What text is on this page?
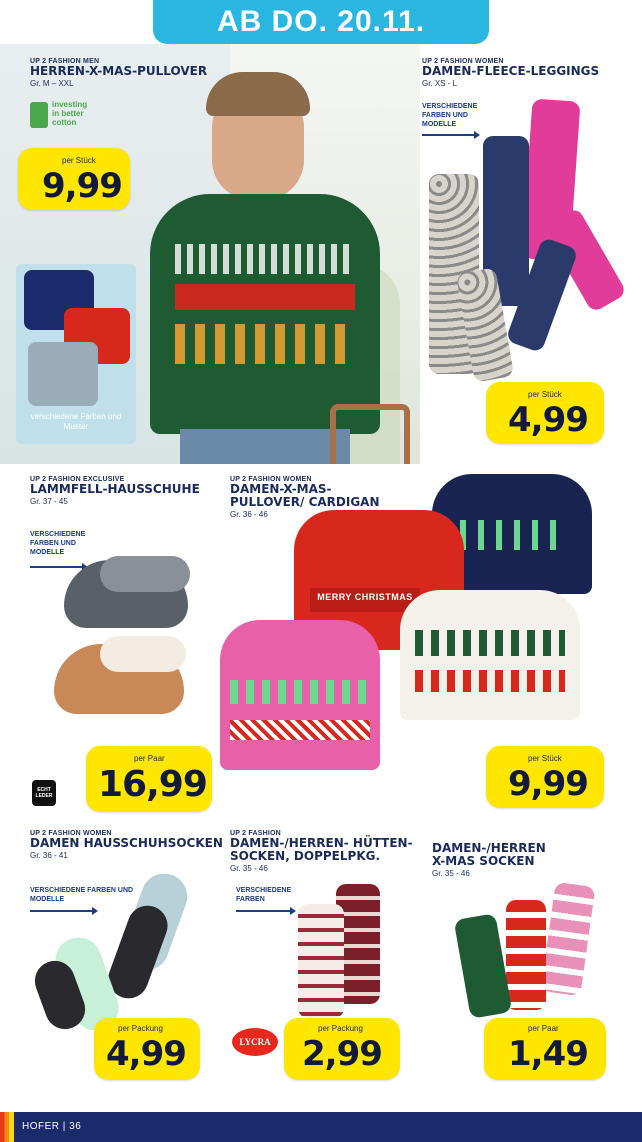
AB DO. 20.11.
UP 2 FASHION MEN
HERREN-X-MAS-PULLOVER
Gr. M – XXL
investing in better cotton
per Stück
9,99
verschiedene Farben und Muster
UP 2 FASHION WOMEN
DAMEN-FLEECE-LEGGINGS
Gr. XS - L
VERSCHIEDENE FARBEN UND MODELLE
per Stück
4,99
UP 2 FASHION EXCLUSIVE
LAMMFELL-HAUSSCHUHE
Gr. 37 - 45
VERSCHIEDENE FARBEN UND MODELLE
ECHT LEDER
per Paar
16,99
UP 2 FASHION WOMEN
DAMEN-X-MAS-PULLOVER/ CARDIGAN
Gr. 36 - 46
MERRY CHRISTMAS
per Stück
9,99
UP 2 FASHION WOMEN
DAMEN HAUSSCHUHSOCKEN
Gr. 36 - 41
VERSCHIEDENE FARBEN UND MODELLE
per Packung
4,99
UP 2 FASHION
DAMEN-/HERREN- HÜTTEN-SOCKEN, DOPPELPKG.
Gr. 35 - 46
VERSCHIEDENE FARBEN
LYCRA
per Packung
2,99
DAMEN-/HERREN X-MAS SOCKEN
Gr. 35 - 46
per Paar
1,49
HOFER | 36
